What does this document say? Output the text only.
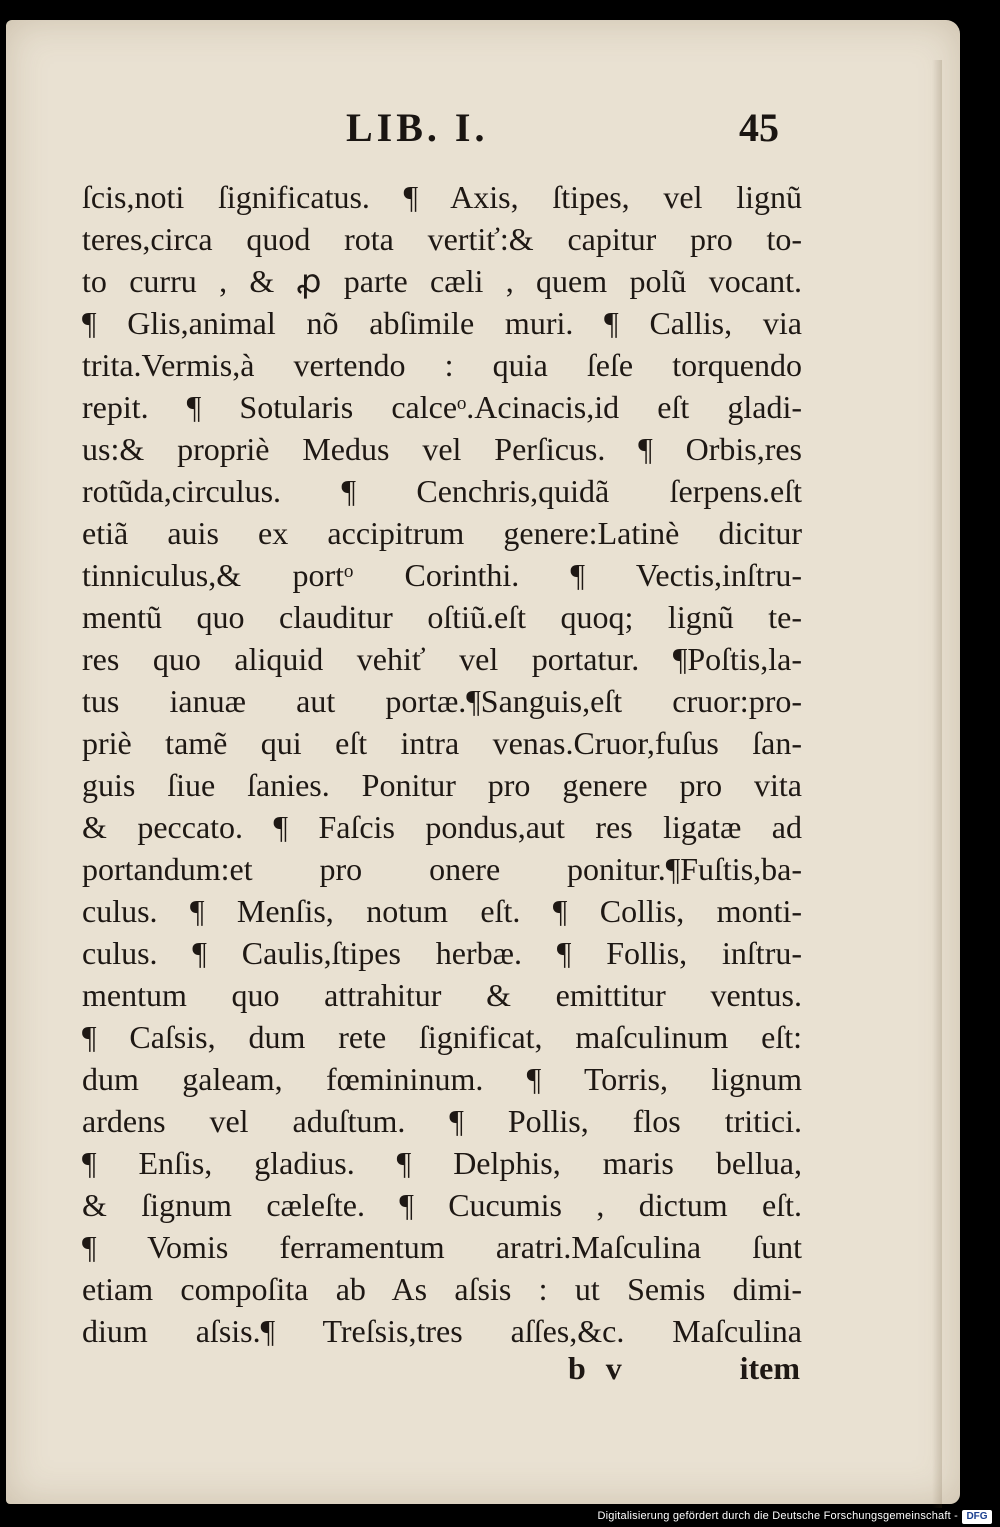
LIB. I.	45
ſcis,noti ſignificatus. ¶ Axis, ſtipes, vel lignũ
teres,circa quod rota vertiť:& capitur pro to-
to curru , & ꝓ parte cæli , quem polũ vocant.
¶ Glis,animal nõ abſimile muri. ¶ Callis, via
trita.Vermis,à vertendo : quia ſeſe torquendo
repit. ¶ Sotularis calceᵒ.Acinacis,id eſt gladi-
us:& propriè Medus vel Perſicus. ¶ Orbis,res
rotũda,circulus. ¶ Cenchris,quidã ſerpens.eſt
etiã auis ex accipitrum genere:Latinè dicitur
tinniculus,& portᵒ Corinthi. ¶ Vectis,inſtru-
mentũ quo clauditur oſtiũ.eſt quoq; lignũ te-
res quo aliquid vehiť vel portatur. ¶Poſtis,la-
tus ianuæ aut portæ.¶Sanguis,eſt cruor:pro-
priè tamẽ qui eſt intra venas.Cruor,fuſus ſan-
guis ſiue ſanies. Ponitur pro genere pro vita
& peccato. ¶ Faſcis pondus,aut res ligatæ ad
portandum:et pro onere ponitur.¶Fuſtis,ba-
culus. ¶ Menſis, notum eſt. ¶ Collis, monti-
culus. ¶ Caulis,ſtipes herbæ. ¶ Follis, inſtru-
mentum quo attrahitur & emittitur ventus.
¶ Caſsis, dum rete ſignificat, maſculinum eſt:
dum galeam, fœmininum. ¶ Torris, lignum
ardens vel aduſtum. ¶ Pollis, flos tritici.
¶ Enſis, gladius. ¶ Delphis, maris bellua,
& ſignum cæleſte. ¶ Cucumis , dictum eſt.
¶ Vomis ferramentum aratri.Maſculina ſunt
etiam compoſita ab As aſsis : ut Semis dimi-
dium aſsis.¶ Treſsis,tres aſſes,&c. Maſculina
b v	item
Digitalisierung gefördert durch die Deutsche Forschungsgemeinschaft - DFG
